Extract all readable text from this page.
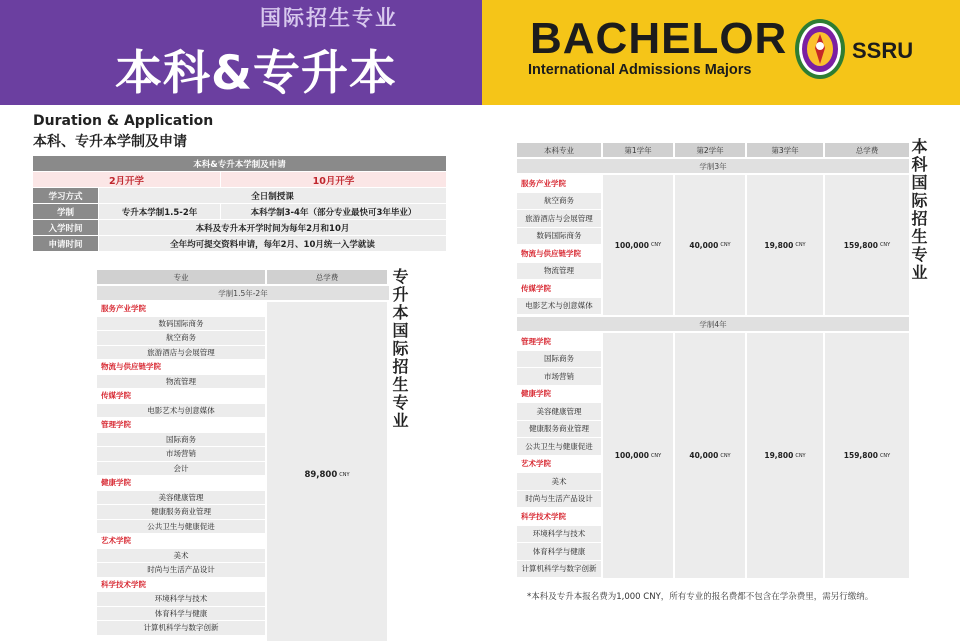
国际招生专业
本科&专升本
BACHELOR
International Admissions Majors
SSRU
Duration & Application
本科、专升本学制及申请
本科&专升本学制及申请
2月开学	10月开学
学习方式	全日制授课
学制	专升本学制1.5-2年	本科学制3-4年（部分专业最快可3年毕业）
入学时间	本科及专升本开学时间为每年2月和10月
申请时间	全年均可提交资料申请，每年2月、10月统一入学就读
专业	总学费
学制1.5年-2年
服务产业学院
数码国际商务
航空商务
旅游酒店与会展管理
物流与供应链学院
物流管理
传媒学院
电影艺术与创意媒体
管理学院
国际商务
市场营销
会计
健康学院
美容健康管理
健康服务商业管理
公共卫生与健康促进
艺术学院
美术
时尚与生活产品设计
科学技术学院
环境科学与技术
体育科学与健康
计算机科学与数字创新
89,800 CNY
专升本国际招生专业
本科专业	第1学年	第2学年	第3学年	总学费
学制3年
服务产业学院
航空商务
旅游酒店与会展管理
数码国际商务
物流与供应链学院
物流管理
传媒学院
电影艺术与创意媒体
100,000 CNY	40,000 CNY	19,800 CNY	159,800 CNY
学制4年
管理学院
国际商务
市场营销
健康学院
美容健康管理
健康服务商业管理
公共卫生与健康促进
艺术学院
美术
时尚与生活产品设计
科学技术学院
环境科学与技术
体育科学与健康
计算机科学与数字创新
100,000 CNY	40,000 CNY	19,800 CNY	159,800 CNY
本科国际招生专业
*本科及专升本报名费为1,000 CNY，所有专业的报名费都不包含在学杂费里，需另行缴纳。
